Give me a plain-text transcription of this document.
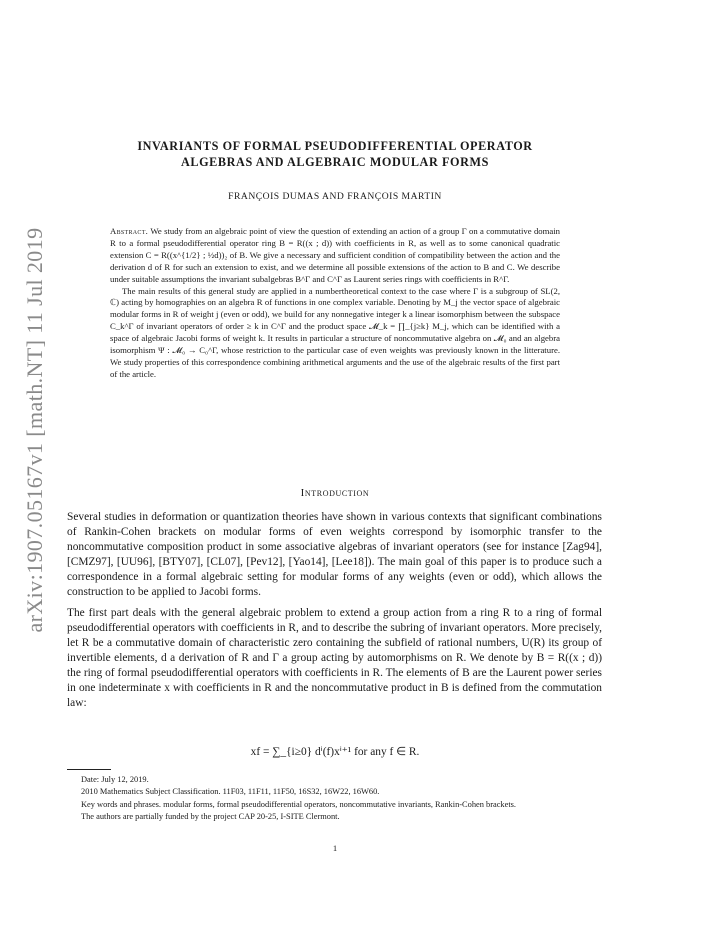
arXiv:1907.05167v1 [math.NT] 11 Jul 2019
INVARIANTS OF FORMAL PSEUDODIFFERENTIAL OPERATOR
ALGEBRAS AND ALGEBRAIC MODULAR FORMS
FRANÇOIS DUMAS AND FRANÇOIS MARTIN

Abstract. We study from an algebraic point of view the question of extending an action of a group Γ on a commutative domain R to a formal pseudodifferential operator ring B = R((x ; d)) with coefficients in R, as well as to some canonical quadratic extension C = R((x^{1/2} ; ½d))₂ of B. We give a necessary and sufficient condition of compatibility between the action and the derivation d of R for such an extension to exist, and we determine all possible extensions of the action to B and C. We describe under suitable assumptions the invariant subalgebras B^Γ and C^Γ as Laurent series rings with coefficients in R^Γ.

The main results of this general study are applied in a numbertheoretical context to the case where Γ is a subgroup of SL(2, ℂ) acting by homographies on an algebra R of functions in one complex variable. Denoting by M_j the vector space of algebraic modular forms in R of weight j (even or odd), we build for any nonnegative integer k a linear isomorphism between the subspace C_k^Γ of invariant operators of order ≥ k in C^Γ and the product space 𝓜_k = ∏_{j≥k} M_j, which can be identified with a space of algebraic Jacobi forms of weight k. It results in particular a structure of noncommutative algebra on 𝓜₀ and an algebra isomorphism Ψ : 𝓜₀ → C₀^Γ, whose restriction to the particular case of even weights was previously known in the litterature. We study properties of this correspondence combining arithmetical arguments and the use of the algebraic results of the first part of the article.

Introduction

Several studies in deformation or quantization theories have shown in various contexts that significant combinations of Rankin-Cohen brackets on modular forms of even weights correspond by isomorphic transfer to the noncommutative composition product in some associative algebras of invariant operators (see for instance [Zag94], [CMZ97], [UU96], [BTY07], [CL07], [Pev12], [Yao14], [Lee18]). The main goal of this paper is to produce such a correspondence in a formal algebraic setting for modular forms of any weights (even or odd), which allows the construction to be applied to Jacobi forms.

The first part deals with the general algebraic problem to extend a group action from a ring R to a ring of formal pseudodifferential operators with coefficients in R, and to describe the subring of invariant operators. More precisely, let R be a commutative domain of characteristic zero containing the subfield of rational numbers, U(R) its group of invertible elements, d a derivation of R and Γ a group acting by automorphisms on R. We denote by B = R((x ; d)) the ring of formal pseudodifferential operators with coefficients in R. The elements of B are the Laurent power series in one indeterminate x with coefficients in R and the noncommutative product in B is defined from the commutation law:

xf = ∑_{i≥0} dⁱ(f)xⁱ⁺¹ for any f ∈ R.

Date: July 12, 2019.

2010 Mathematics Subject Classification. 11F03, 11F11, 11F50, 16S32, 16W22, 16W60.

Key words and phrases. modular forms, formal pseudodifferential operators, noncommutative invariants, Rankin-Cohen brackets.

The authors are partially funded by the project CAP 20-25, I-SITE Clermont.

1
